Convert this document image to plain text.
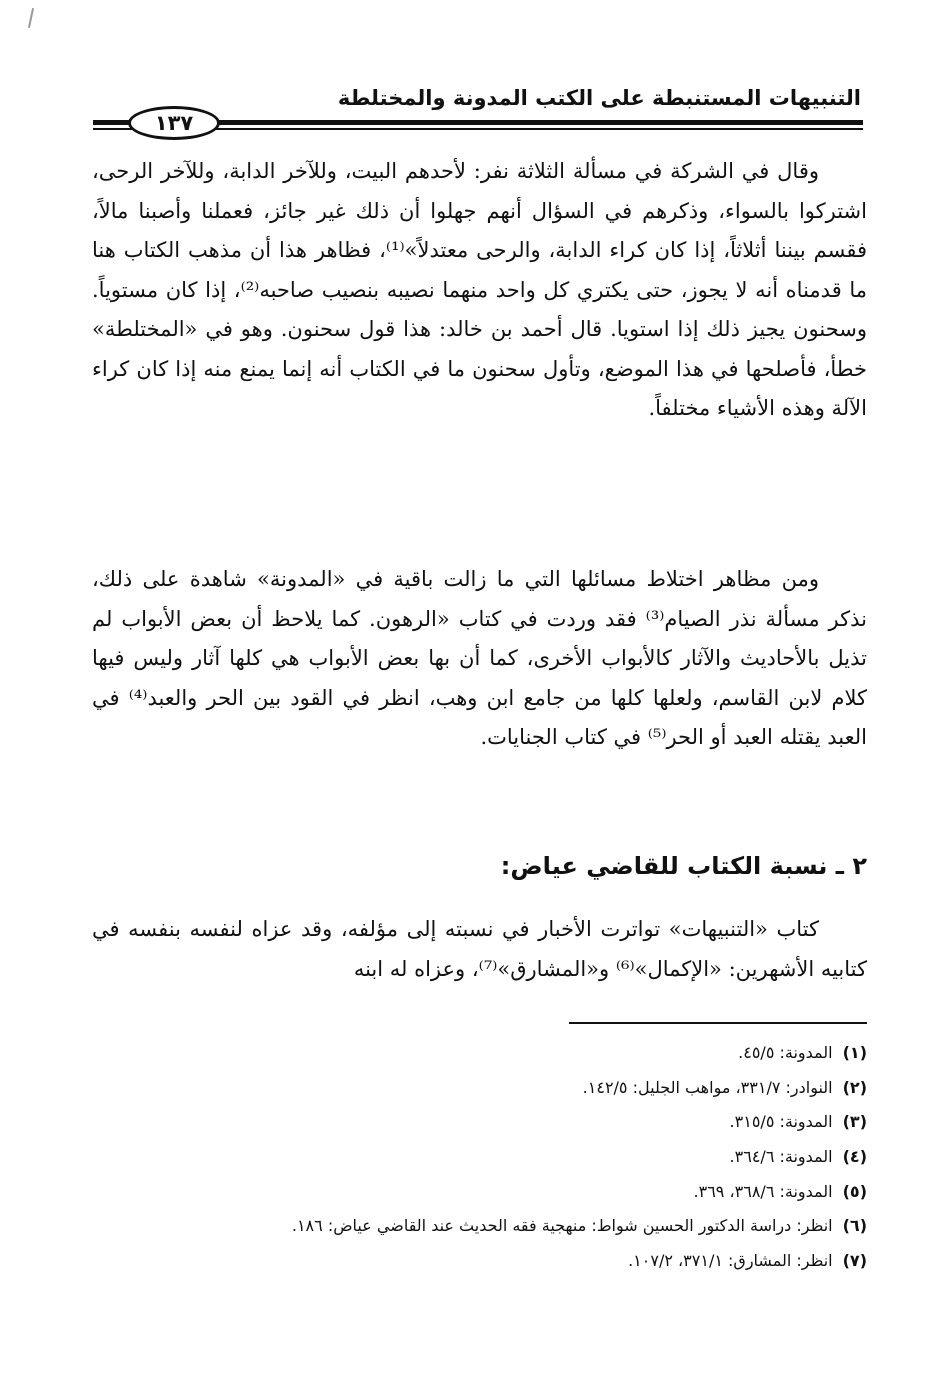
التنبيهات المستنبطة على الكتب المدونة والمختلطة
١٣٧

وقال في الشركة في مسألة الثلاثة نفر: لأحدهم البيت، وللآخر الدابة، وللآخر الرحى، اشتركوا بالسواء، وذكرهم في السؤال أنهم جهلوا أن ذلك غير جائز، فعملنا وأصبنا مالاً، فقسم بيننا أثلاثاً، إذا كان كراء الدابة، والرحى معتدلاً»⁽¹⁾، فظاهر هذا أن مذهب الكتاب هنا ما قدمناه أنه لا يجوز، حتى يكتري كل واحد منهما نصيبه بنصيب صاحبه⁽²⁾، إذا كان مستوياً. وسحنون يجيز ذلك إذا استويا. قال أحمد بن خالد: هذا قول سحنون. وهو في «المختلطة» خطأ، فأصلحها في هذا الموضع، وتأول سحنون ما في الكتاب أنه إنما يمنع منه إذا كان كراء الآلة وهذه الأشياء مختلفاً.

ومن مظاهر اختلاط مسائلها التي ما زالت باقية في «المدونة» شاهدة على ذلك، نذكر مسألة نذر الصيام⁽³⁾ فقد وردت في كتاب «الرهون. كما يلاحظ أن بعض الأبواب لم تذيل بالأحاديث والآثار كالأبواب الأخرى، كما أن بها بعض الأبواب هي كلها آثار وليس فيها كلام لابن القاسم، ولعلها كلها من جامع ابن وهب، انظر في القود بين الحر والعبد⁽⁴⁾ في العبد يقتله العبد أو الحر⁽⁵⁾ في كتاب الجنايات.

٢ ـ نسبة الكتاب للقاضي عياض:

كتاب «التنبيهات» تواترت الأخبار في نسبته إلى مؤلفه، وقد عزاه لنفسه بنفسه في كتابيه الأشهرين: «الإكمال»⁽⁶⁾ و«المشارق»⁽⁷⁾، وعزاه له ابنه

(١)المدونة: ٤٥/٥.
(٢)النوادر: ٣٣١/٧، مواهب الجليل: ١٤٢/٥.
(٣)المدونة: ٣١٥/٥.
(٤)المدونة: ٣٦٤/٦.
(٥)المدونة: ٣٦٨/٦، ٣٦٩.
(٦)انظر: دراسة الدكتور الحسين شواط: منهجية فقه الحديث عند القاضي عياض: ١٨٦.
(٧)انظر: المشارق: ٣٧١/١، ١٠٧/٢.
